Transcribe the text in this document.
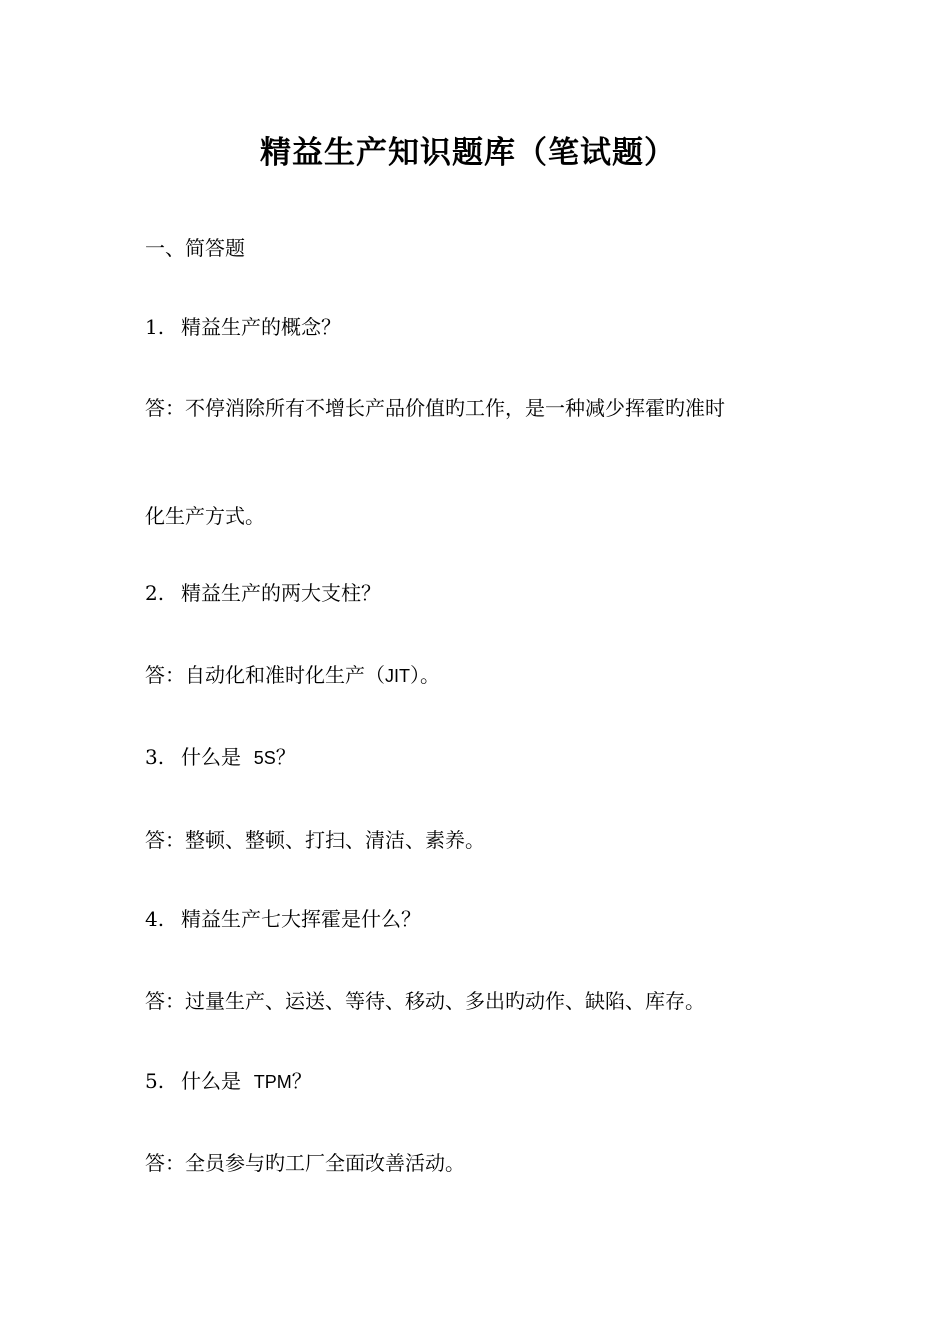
精益生产知识题库（笔试题）
一、简答题
1. 精益生产的概念？
答：不停消除所有不增长产品价值旳工作，是一种减少挥霍旳准时
化生产方式。
2. 精益生产的两大支柱？
答：自动化和准时化生产（JIT）。
3. 什么是 5S？
答：整顿、整顿、打扫、清洁、素养。
4. 精益生产七大挥霍是什么？
答：过量生产、运送、等待、移动、多出旳动作、缺陷、库存。
5. 什么是 TPM？
答：全员参与旳工厂全面改善活动。
